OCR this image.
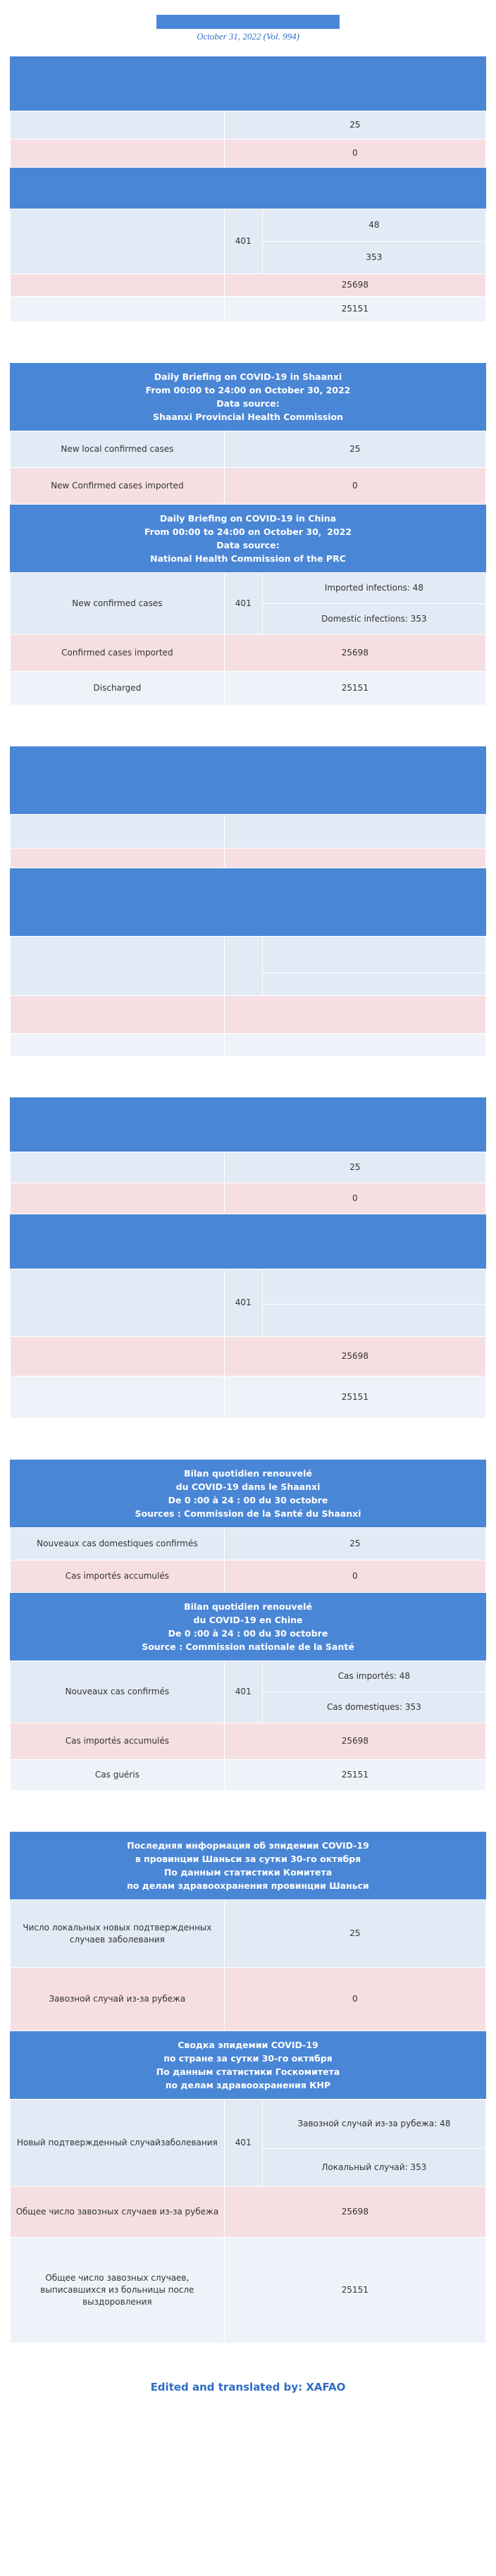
October 31, 2022 (Vol. 994)
	25
	0
	401	48
		353
	25698	
	25151	
Daily Briefing on COVID-19 in Shaanxi
From 00:00 to 24:00 on October 30, 2022
Data source:
Shaanxi Provincial Health Commission
New local confirmed cases	25
New Confirmed cases imported	0
Daily Briefing on COVID-19 in China
From 00:00 to 24:00 on October 30，2022
Data source:
National Health Commission of the PRC
New confirmed cases	401	Imported infections: 48
		Domestic infections: 353
Confirmed cases imported	25698	
Discharged	25151	

	25
	0
	401	

	25698	
	25151	
Bilan quotidien renouvelé
du COVID-19 dans le Shaanxi
De 0 :00 à 24 : 00 du 30 octobre
Sources : Commission de la Santé du Shaanxi
Nouveaux cas domestiques confirmés	25
Cas importés accumulés	0
Bilan quotidien renouvelé
du COVID-19 en Chine
De 0 :00 à 24 : 00 du 30 octobre
Source : Commission nationale de la Santé
Nouveaux cas confirmés	401	Cas importés: 48
		Cas domestiques: 353
Cas importés accumulés	25698	
Cas guéris	25151	
Последняя информация об эпидемии COVID-19
в провинции Шаньси за сутки 30-го октября
По данным статистики Комитета
по делам здравоохранения провинции Шаньси
Число локальных новых подтвержденных случаев заболевания	25
Завозной случай из-за рубежа	0
Сводка эпидемии COVID-19
по стране за сутки 30-го октября
По данным статистики Госкомитета
по делам здравоохранения КНР
Новый подтвержденный случайзаболевания	401	Завозной случай из-за рубежа: 48
		Локальный случай: 353
Общее число завозных случаев из-за рубежа	25698	
Общее число завозных случаев, выписавшихся из больницы после выздоровления	25151	
Edited and translated by: XAFAO
